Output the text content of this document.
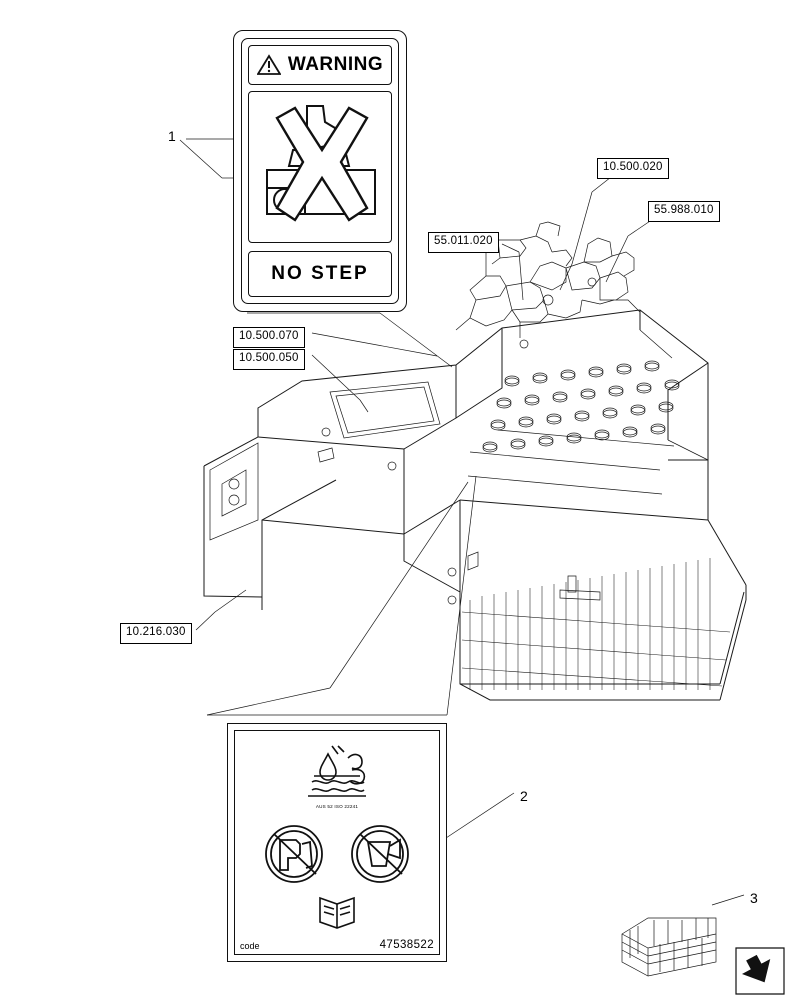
WARNING
NO STEP
AUS 52 ISO 22241
code	47538522
10.500.020
55.988.010
55.011.020
10.500.070
10.500.050
10.216.030
1
2
3
